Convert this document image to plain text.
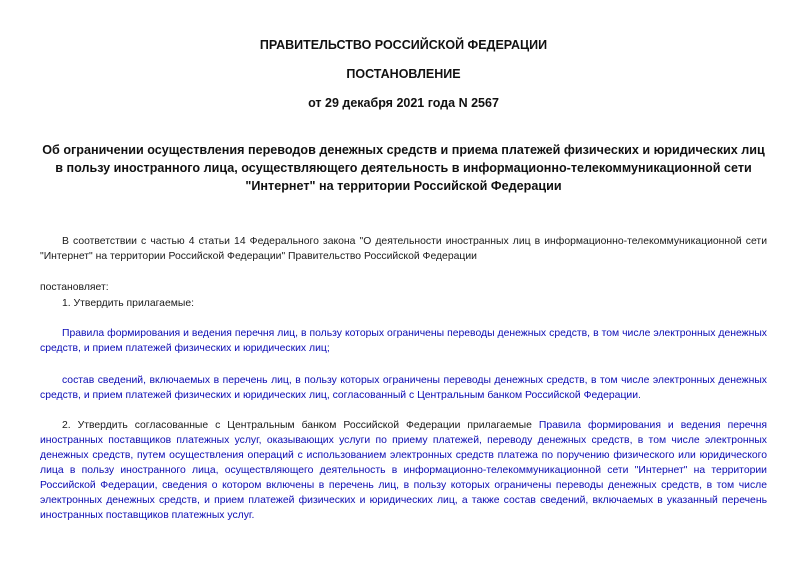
ПРАВИТЕЛЬСТВО РОССИЙСКОЙ ФЕДЕРАЦИИ
ПОСТАНОВЛЕНИЕ
от 29 декабря 2021 года N 2567
Об ограничении осуществления переводов денежных средств и приема платежей физических и юридических лиц в пользу иностранного лица, осуществляющего деятельность в информационно-телекоммуникационной сети "Интернет" на территории Российской Федерации
В соответствии с частью 4 статьи 14 Федерального закона "О деятельности иностранных лиц в информационно-телекоммуникационной сети "Интернет" на территории Российской Федерации" Правительство Российской Федерации
постановляет:
1. Утвердить прилагаемые:
Правила формирования и ведения перечня лиц, в пользу которых ограничены переводы денежных средств, в том числе электронных денежных средств, и прием платежей физических и юридических лиц;
состав сведений, включаемых в перечень лиц, в пользу которых ограничены переводы денежных средств, в том числе электронных денежных средств, и прием платежей физических и юридических лиц, согласованный с Центральным банком Российской Федерации.
2. Утвердить согласованные с Центральным банком Российской Федерации прилагаемые Правила формирования и ведения перечня иностранных поставщиков платежных услуг, оказывающих услуги по приему платежей, переводу денежных средств, в том числе электронных денежных средств, путем осуществления операций с использованием электронных средств платежа по поручению физического или юридического лица в пользу иностранного лица, осуществляющего деятельность в информационно-телекоммуникационной сети "Интернет" на территории Российской Федерации, сведения о котором включены в перечень лиц, в пользу которых ограничены переводы денежных средств, в том числе электронных денежных средств, и прием платежей физических и юридических лиц, а также состав сведений, включаемых в указанный перечень иностранных поставщиков платежных услуг.
